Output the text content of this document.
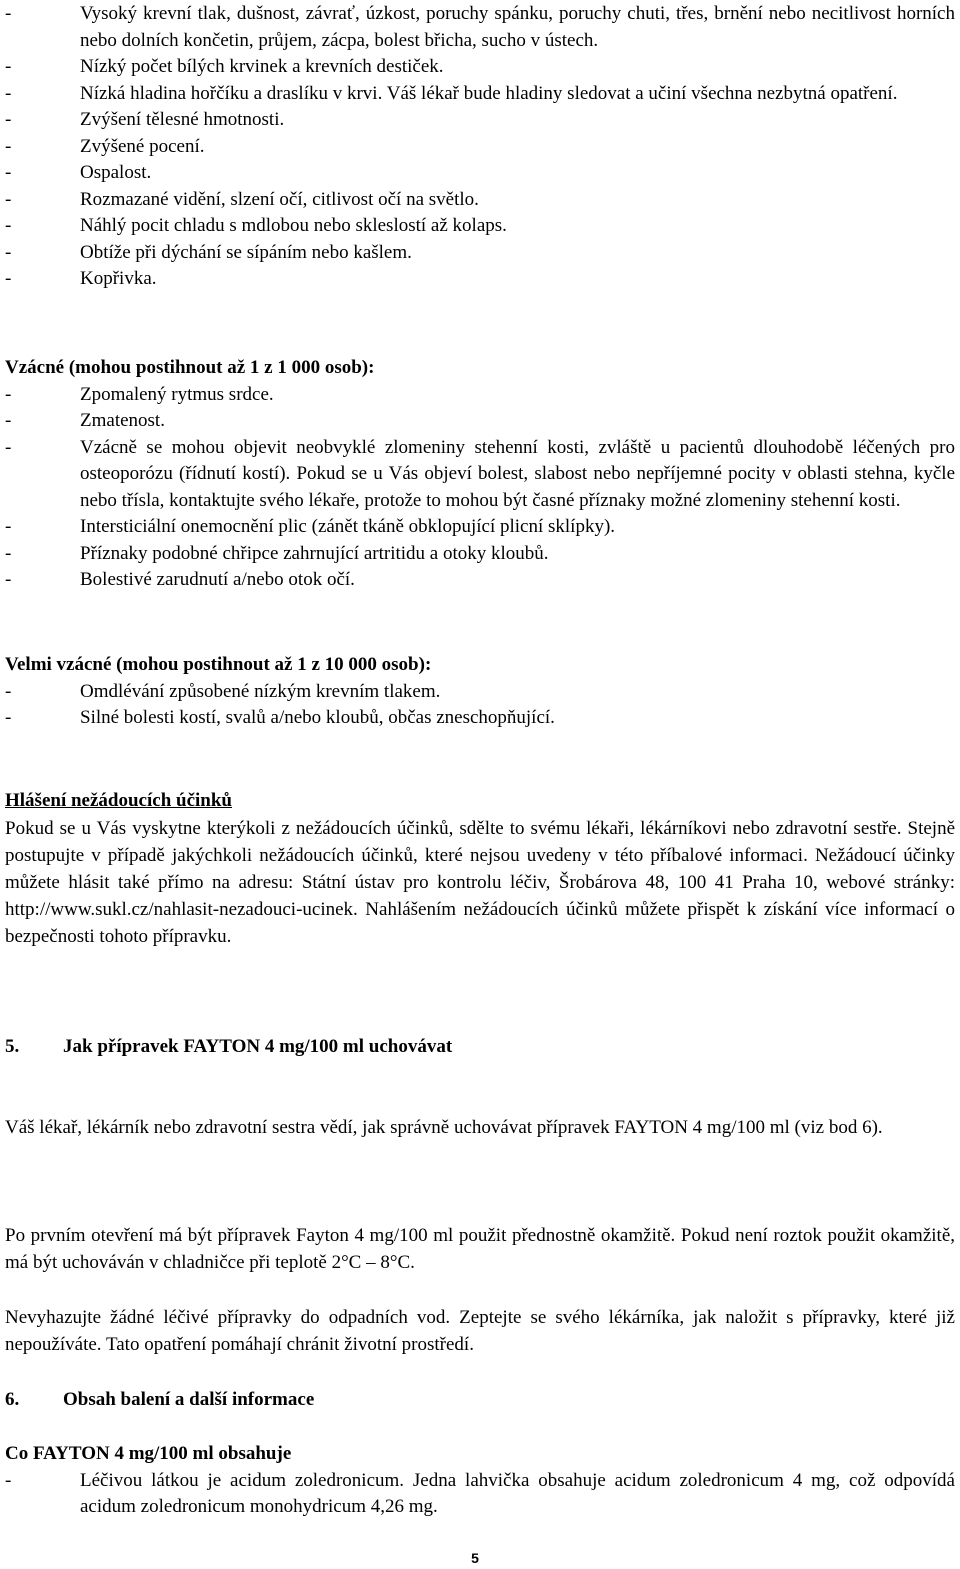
-	Vysoký krevní tlak, dušnost, závrať, úzkost, poruchy spánku, poruchy chuti, třes, brnění nebo necitlivost horních nebo dolních končetin, průjem, zácpa, bolest břicha, sucho v ústech.
-	Nízký počet bílých krvinek a krevních destiček.
-	Nízká hladina hořčíku a draslíku v krvi. Váš lékař bude hladiny sledovat a učiní všechna nezbytná opatření.
-	Zvýšení tělesné hmotnosti.
-	Zvýšené pocení.
-	Ospalost.
-	Rozmazané vidění, slzení očí, citlivost očí na světlo.
-	Náhlý pocit chladu s mdlobou nebo skleslostí až kolaps.
-	Obtíže při dýchání se sípáním nebo kašlem.
-	Kopřivka.
Vzácné (mohou postihnout až 1 z 1 000 osob):
-	Zpomalený rytmus srdce.
-	Zmatenost.
-	Vzácně se mohou objevit neobvyklé zlomeniny stehenní kosti, zvláště u pacientů dlouhodobě léčených pro osteoporózu (řídnutí kostí). Pokud se u Vás objeví bolest, slabost nebo nepříjemné pocity v oblasti stehna, kyčle nebo třísla, kontaktujte svého lékaře, protože to mohou být časné příznaky možné zlomeniny stehenní kosti.
-	Intersticiální onemocnění plic (zánět tkáně obklopující plicní sklípky).
-	Příznaky podobné chřipce zahrnující artritidu a otoky kloubů.
-	Bolestivé zarudnutí a/nebo otok očí.
Velmi vzácné (mohou postihnout až 1 z 10 000 osob):
-	Omdlévání způsobené nízkým krevním tlakem.
-	Silné bolesti kostí, svalů a/nebo kloubů, občas zneschopňující.
Hlášení nežádoucích účinků

Pokud se u Vás vyskytne kterýkoli z nežádoucích účinků, sdělte to svému lékaři, lékárníkovi nebo zdravotní sestře. Stejně postupujte v případě jakýchkoli nežádoucích účinků, které nejsou uvedeny v této příbalové informaci. Nežádoucí účinky můžete hlásit také přímo na adresu: Státní ústav pro kontrolu léčiv, Šrobárova 48, 100 41 Praha 10, webové stránky: http://www.sukl.cz/nahlasit-nezadouci-ucinek. Nahlášením nežádoucích účinků můžete přispět k získání více informací o bezpečnosti tohoto přípravku.

5. Jak přípravek FAYTON 4 mg/100 ml uchovávat

Váš lékař, lékárník nebo zdravotní sestra vědí, jak správně uchovávat přípravek FAYTON 4 mg/100 ml (viz bod 6).

Po prvním otevření má být přípravek Fayton 4 mg/100 ml použit přednostně okamžitě. Pokud není roztok použit okamžitě, má být uchováván v chladničce při teplotě 2°C – 8°C.

Nevyhazujte žádné léčivé přípravky do odpadních vod. Zeptejte se svého lékárníka, jak naložit s přípravky, které již nepoužíváte. Tato opatření pomáhají chránit životní prostředí.

6. Obsah balení a další informace
Co FAYTON 4 mg/100 ml obsahuje
-	Léčivou látkou je acidum zoledronicum. Jedna lahvička obsahuje acidum zoledronicum 4 mg, což odpovídá acidum zoledronicum monohydricum 4,26 mg.
5
